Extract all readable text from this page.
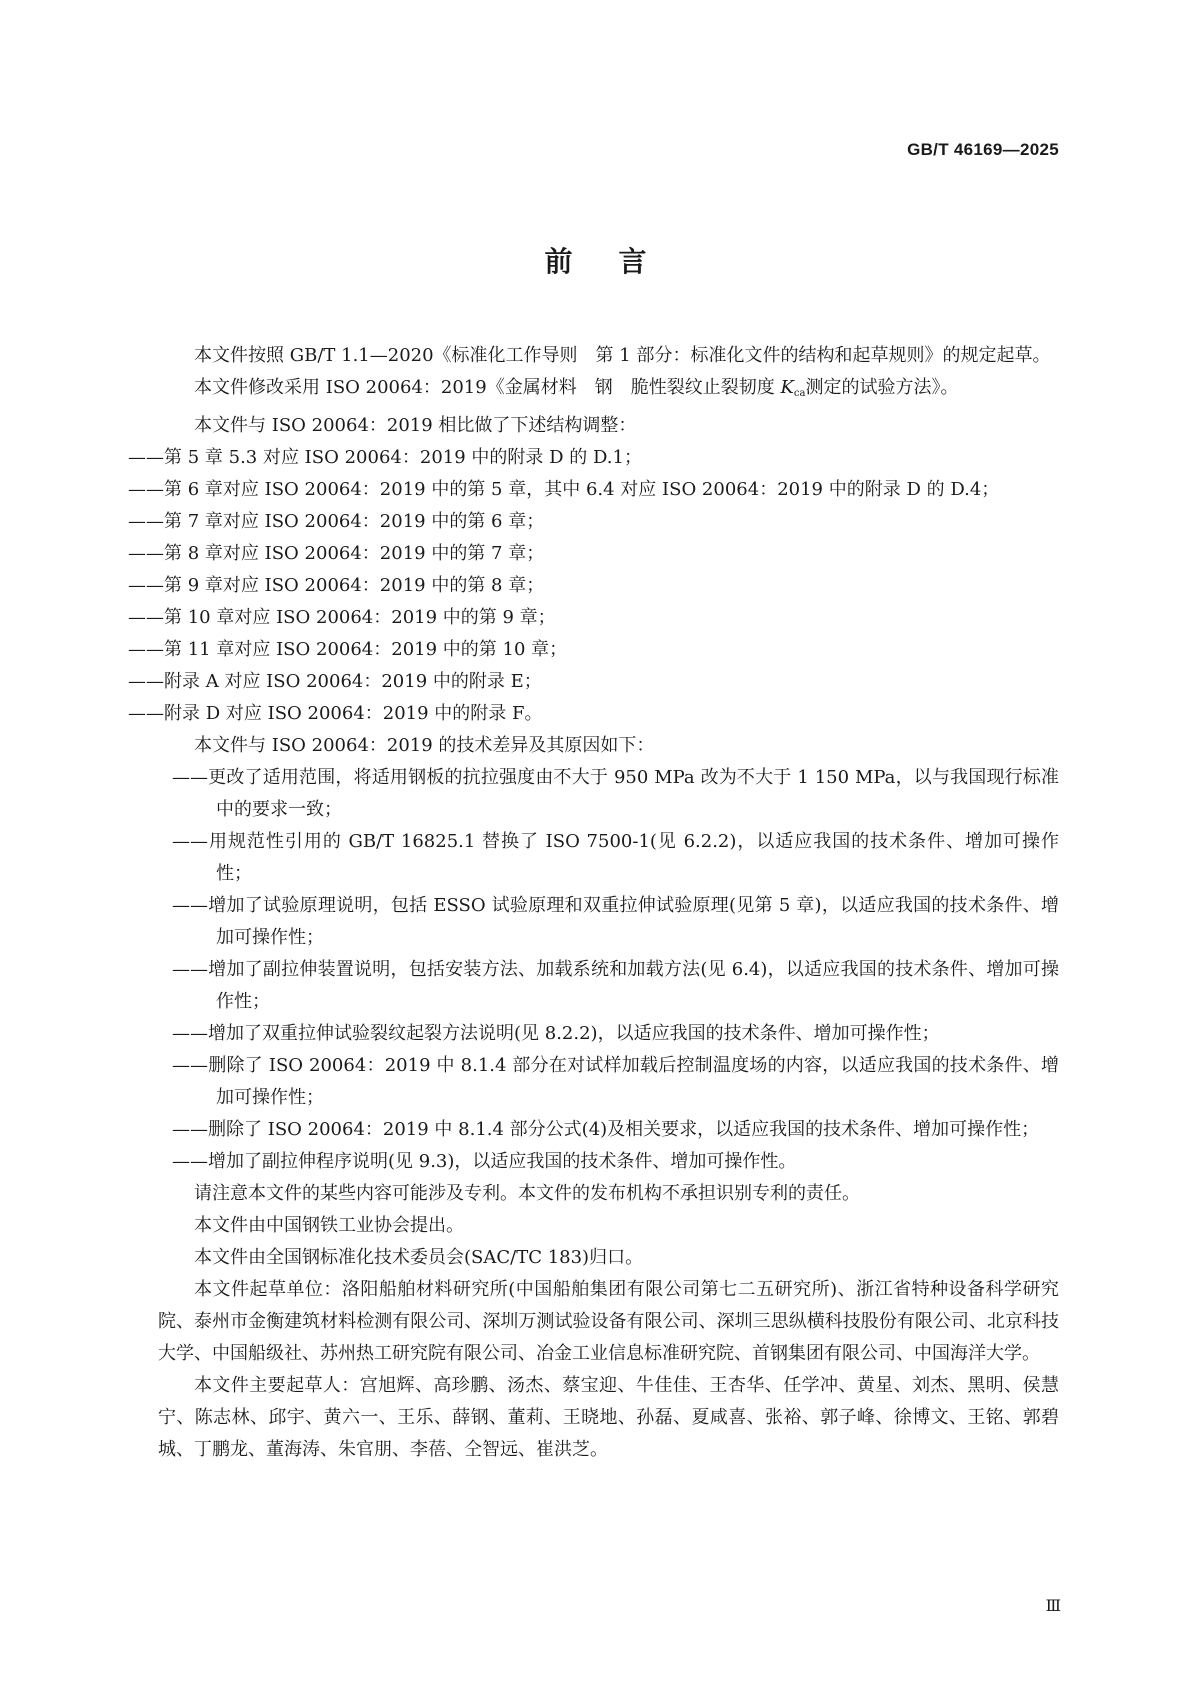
GB/T 46169—2025
前言

本文件按照 GB/T 1.1—2020《标准化工作导则　第 1 部分：标准化文件的结构和起草规则》的规定起草。

本文件修改采用 ISO 20064：2019《金属材料　钢　脆性裂纹止裂韧度 $K_{ca}$测定的试验方法》。

本文件与 ISO 20064：2019 相比做了下述结构调整：

——第 5 章 5.3 对应 ISO 20064：2019 中的附录 D 的 D.1；

——第 6 章对应 ISO 20064：2019 中的第 5 章，其中 6.4 对应 ISO 20064：2019 中的附录 D 的 D.4；

——第 7 章对应 ISO 20064：2019 中的第 6 章；

——第 8 章对应 ISO 20064：2019 中的第 7 章；

——第 9 章对应 ISO 20064：2019 中的第 8 章；

——第 10 章对应 ISO 20064：2019 中的第 9 章；

——第 11 章对应 ISO 20064：2019 中的第 10 章；

——附录 A 对应 ISO 20064：2019 中的附录 E；

——附录 D 对应 ISO 20064：2019 中的附录 F。

本文件与 ISO 20064：2019 的技术差异及其原因如下：

——更改了适用范围，将适用钢板的抗拉强度由不大于 950 MPa 改为不大于 1 150 MPa，以与我国现行标准中的要求一致；

——用规范性引用的 GB/T 16825.1 替换了 ISO 7500-1(见 6.2.2)，以适应我国的技术条件、增加可操作性；

——增加了试验原理说明，包括 ESSO 试验原理和双重拉伸试验原理(见第 5 章)，以适应我国的技术条件、增加可操作性；

——增加了副拉伸装置说明，包括安装方法、加载系统和加载方法(见 6.4)，以适应我国的技术条件、增加可操作性；

——增加了双重拉伸试验裂纹起裂方法说明(见 8.2.2)，以适应我国的技术条件、增加可操作性；

——删除了 ISO 20064：2019 中 8.1.4 部分在对试样加载后控制温度场的内容，以适应我国的技术条件、增加可操作性；

——删除了 ISO 20064：2019 中 8.1.4 部分公式(4)及相关要求，以适应我国的技术条件、增加可操作性；

——增加了副拉伸程序说明(见 9.3)，以适应我国的技术条件、增加可操作性。

请注意本文件的某些内容可能涉及专利。本文件的发布机构不承担识别专利的责任。

本文件由中国钢铁工业协会提出。

本文件由全国钢标准化技术委员会(SAC/TC 183)归口。

本文件起草单位：洛阳船舶材料研究所(中国船舶集团有限公司第七二五研究所)、浙江省特种设备科学研究院、泰州市金衡建筑材料检测有限公司、深圳万测试验设备有限公司、深圳三思纵横科技股份有限公司、北京科技大学、中国船级社、苏州热工研究院有限公司、冶金工业信息标准研究院、首钢集团有限公司、中国海洋大学。

本文件主要起草人：宫旭辉、高珍鹏、汤杰、蔡宝迎、牛佳佳、王杏华、任学冲、黄星、刘杰、黑明、侯慧宁、陈志林、邱宇、黄六一、王乐、薛钢、董莉、王晓地、孙磊、夏咸喜、张裕、郭子峰、徐博文、王铭、郭碧城、丁鹏龙、董海涛、朱官朋、李蓓、仝智远、崔洪芝。

Ⅲ
